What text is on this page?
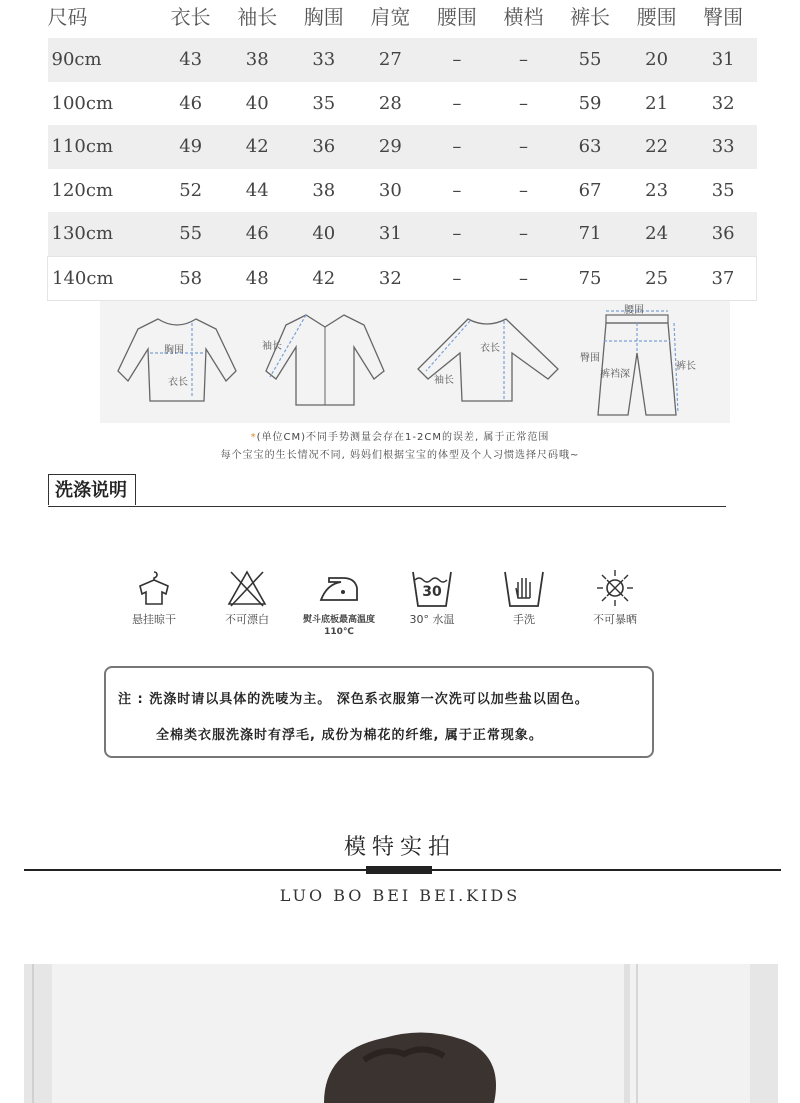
尺码	衣长	袖长	胸围	肩宽	腰围	横档	裤长	腰围	臀围
90cm	43	38	33	27	–	–	55	20	31
100cm	46	40	35	28	–	–	59	21	32
110cm	49	42	36	29	–	–	63	22	33
120cm	52	44	38	30	–	–	67	23	35
130cm	55	46	40	31	–	–	71	24	36
140cm	58	48	42	32	–	–	75	25	37
胸围
衣长
袖长	衣长
袖长
腰围
臀围
裤裆深
裤长
*(单位CM)不同手势测量会存在1-2CM的误差, 属于正常范围
每个宝宝的生长情况不同, 妈妈们根据宝宝的体型及个人习惯选择尺码哦~
洗涤说明
悬挂晾干	不可漂白	熨斗底板最高温度110℃
30
30° 水温	手洗	不可暴晒
注 : 洗涤时请以具体的洗唛为主。 深色系衣服第一次洗可以加些盐以固色。
全棉类衣服洗涤时有浮毛, 成份为棉花的纤维, 属于正常现象。
模特实拍
LUO BO BEI BEI.KIDS
